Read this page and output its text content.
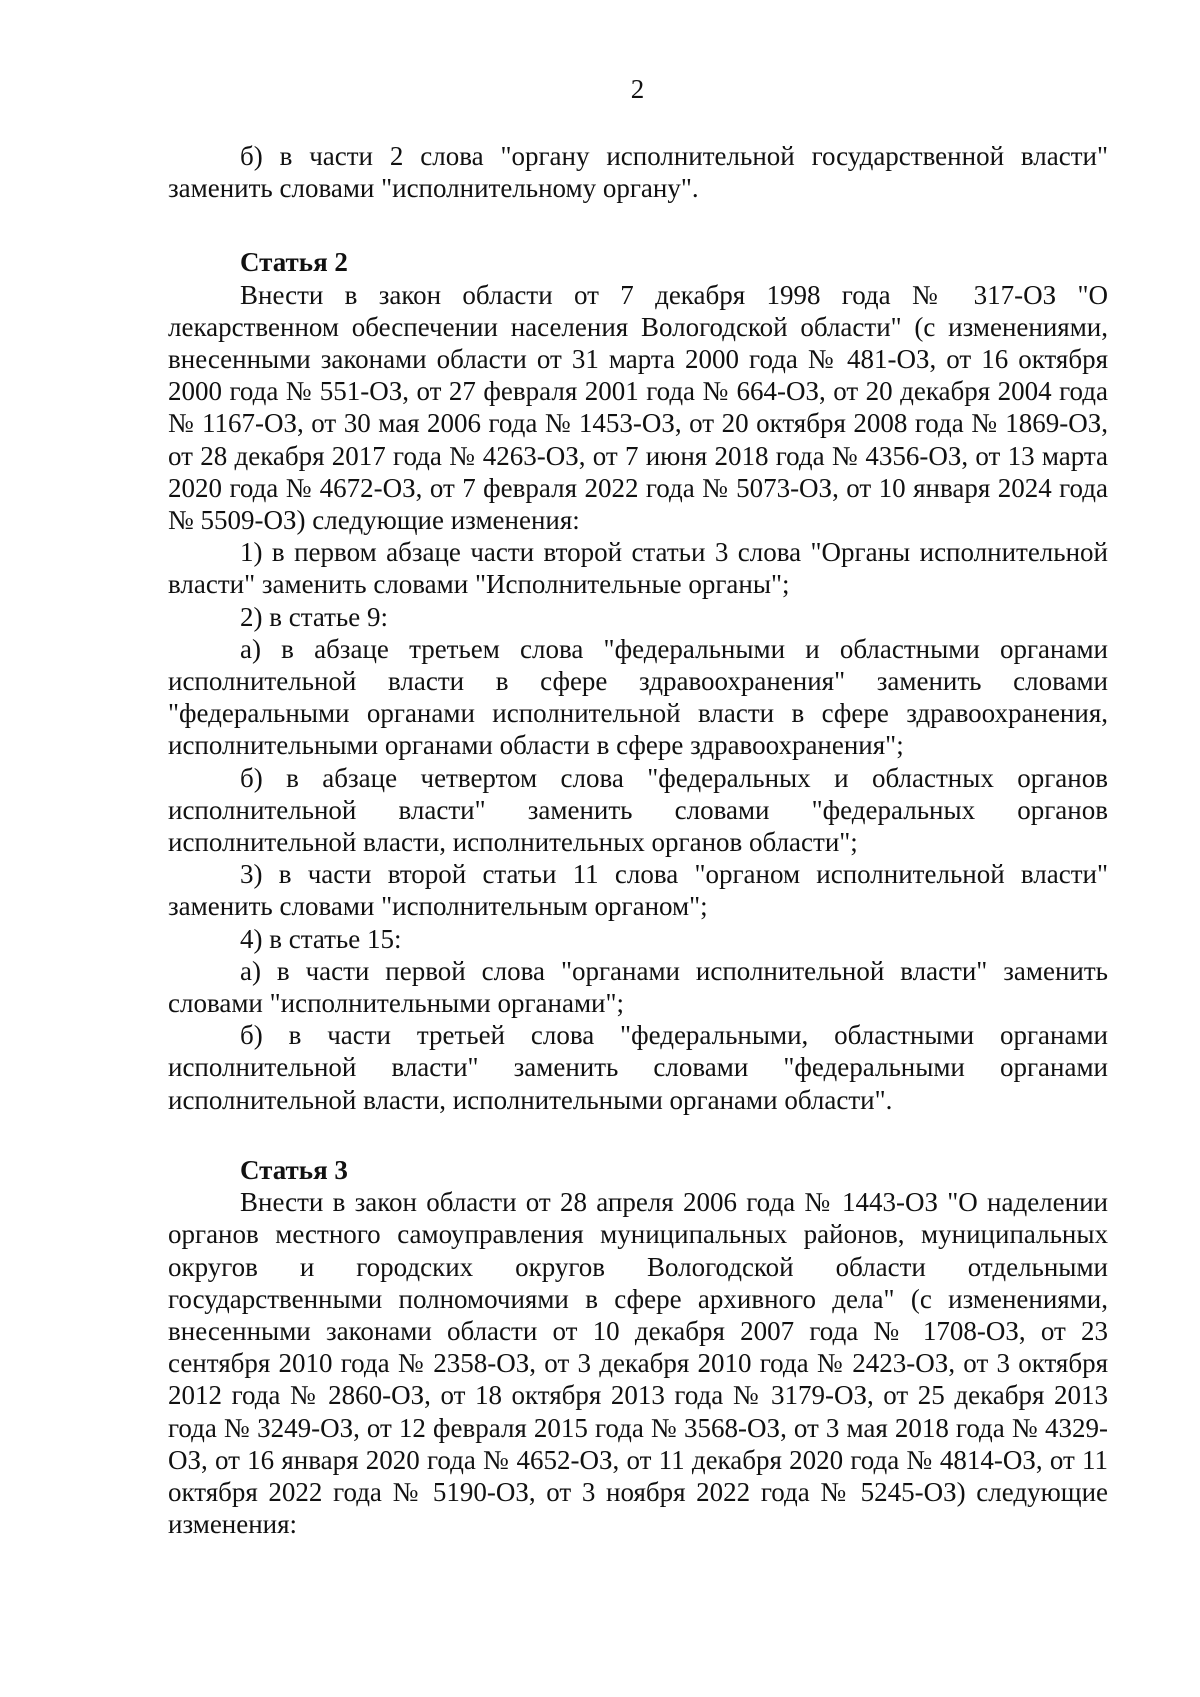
2

б) в части 2 слова "органу исполнительной государственной власти" заменить словами "исполнительному органу".

Статья 2

Внести в закон области от 7 декабря 1998 года № 317-ОЗ "О лекарственном обеспечении населения Вологодской области" (с изменениями, внесенными законами области от 31 марта 2000 года № 481-ОЗ, от 16 октября 2000 года № 551-ОЗ, от 27 февраля 2001 года № 664-ОЗ, от 20 декабря 2004 года № 1167-ОЗ, от 30 мая 2006 года № 1453-ОЗ, от 20 октября 2008 года № 1869-ОЗ, от 28 декабря 2017 года № 4263-ОЗ, от 7 июня 2018 года № 4356-ОЗ, от 13 марта 2020 года № 4672-ОЗ, от 7 февраля 2022 года № 5073-ОЗ, от 10 января 2024 года № 5509-ОЗ) следующие изменения:

1) в первом абзаце части второй статьи 3 слова "Органы исполнительной власти" заменить словами "Исполнительные органы";

2) в статье 9:

а) в абзаце третьем слова "федеральными и областными органами исполнительной власти в сфере здравоохранения" заменить словами "федеральными органами исполнительной власти в сфере здравоохранения, исполнительными органами области в сфере здравоохранения";

б) в абзаце четвертом слова "федеральных и областных органов исполнительной власти" заменить словами "федеральных органов исполнительной власти, исполнительных органов области";

3) в части второй статьи 11 слова "органом исполнительной власти" заменить словами "исполнительным органом";

4) в статье 15:

а) в части первой слова "органами исполнительной власти" заменить словами "исполнительными органами";

б) в части третьей слова "федеральными, областными органами исполнительной власти" заменить словами "федеральными органами исполнительной власти, исполнительными органами области".

Статья 3

Внести в закон области от 28 апреля 2006 года № 1443-ОЗ "О наделении органов местного самоуправления муниципальных районов, муниципальных округов и городских округов Вологодской области отдельными государственными полномочиями в сфере архивного дела" (с изменениями, внесенными законами области от 10 декабря 2007 года № 1708-ОЗ, от 23 сентября 2010 года № 2358-ОЗ, от 3 декабря 2010 года № 2423-ОЗ, от 3 октября 2012 года № 2860-ОЗ, от 18 октября 2013 года № 3179-ОЗ, от 25 декабря 2013 года № 3249-ОЗ, от 12 февраля 2015 года № 3568-ОЗ, от 3 мая 2018 года № 4329-ОЗ, от 16 января 2020 года № 4652-ОЗ, от 11 декабря 2020 года № 4814-ОЗ, от 11 октября 2022 года № 5190-ОЗ, от 3 ноября 2022 года № 5245-ОЗ) следующие изменения:
